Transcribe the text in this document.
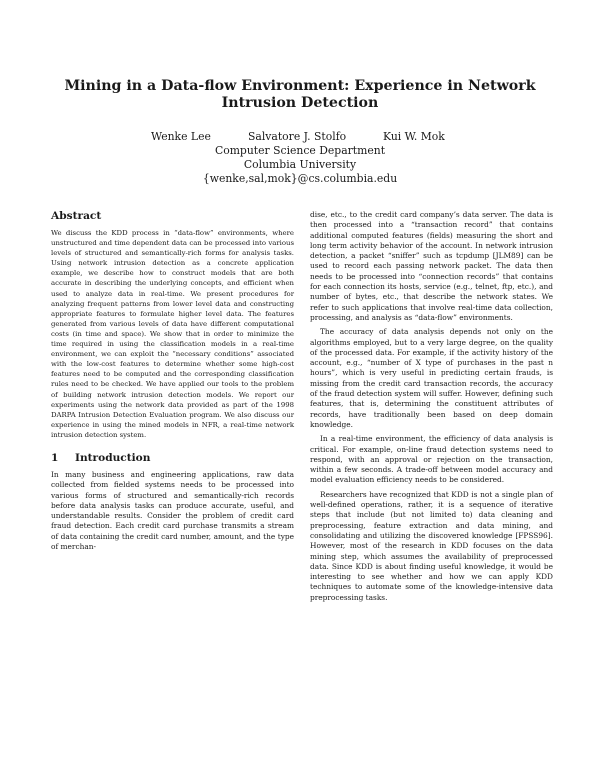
Mining in a Data-flow Environment: Experience in Network Intrusion Detection
Wenke Lee	Salvatore J. Stolfo	Kui W. Mok
Computer Science Department
Columbia University
{wenke,sal,mok}@cs.columbia.edu
Abstract

We discuss the KDD process in “data-flow” environments, where unstructured and time dependent data can be processed into various levels of structured and semantically-rich forms for analysis tasks. Using network intrusion detection as a concrete application example, we describe how to construct models that are both accurate in describing the underlying concepts, and efficient when used to analyze data in real-time. We present procedures for analyzing frequent patterns from lower level data and constructing appropriate features to formulate higher level data. The features generated from various levels of data have different computational costs (in time and space). We show that in order to minimize the time required in using the classification models in a real-time environment, we can exploit the “necessary conditions” associated with the low-cost features to determine whether some high-cost features need to be computed and the corresponding classification rules need to be checked. We have applied our tools to the problem of building network intrusion detection models. We report our experiments using the network data provided as part of the 1998 DARPA Intrusion Detection Evaluation program. We also discuss our experience in using the mined models in NFR, a real-time network intrusion detection system.

1 Introduction

In many business and engineering applications, raw data collected from fielded systems needs to be processed into various forms of structured and semantically-rich records before data analysis tasks can produce accurate, useful, and understandable results. Consider the problem of credit card fraud detection. Each credit card purchase transmits a stream of data containing the credit card number, amount, and the type of merchan-

dise, etc., to the credit card company’s data server. The data is then processed into a “transaction record” that contains additional computed features (fields) measuring the short and long term activity behavior of the account. In network intrusion detection, a packet “sniffer” such as tcpdump [JLM89] can be used to record each passing network packet. The data then needs to be processed into “connection records” that contains for each connection its hosts, service (e.g., telnet, ftp, etc.), and number of bytes, etc., that describe the network states. We refer to such applications that involve real-time data collection, processing, and analysis as “data-flow” environments.

The accuracy of data analysis depends not only on the algorithms employed, but to a very large degree, on the quality of the processed data. For example, if the activity history of the account, e.g., “number of X type of purchases in the past n hours”, which is very useful in predicting certain frauds, is missing from the credit card transaction records, the accuracy of the fraud detection system will suffer. However, defining such features, that is, determining the constituent attributes of records, have traditionally been based on deep domain knowledge.

In a real-time environment, the efficiency of data analysis is critical. For example, on-line fraud detection systems need to respond, with an approval or rejection on the transaction, within a few seconds. A trade-off between model accuracy and model evaluation efficiency needs to be considered.

Researchers have recognized that KDD is not a single plan of well-defined operations, rather, it is a sequence of iterative steps that include (but not limited to) data cleaning and preprocessing, feature extraction and data mining, and consolidating and utilizing the discovered knowledge [FPSS96]. However, most of the research in KDD focuses on the data mining step, which assumes the availability of preprocessed data. Since KDD is about finding useful knowledge, it would be interesting to see whether and how we can apply KDD techniques to automate some of the knowledge-intensive data preprocessing tasks.
